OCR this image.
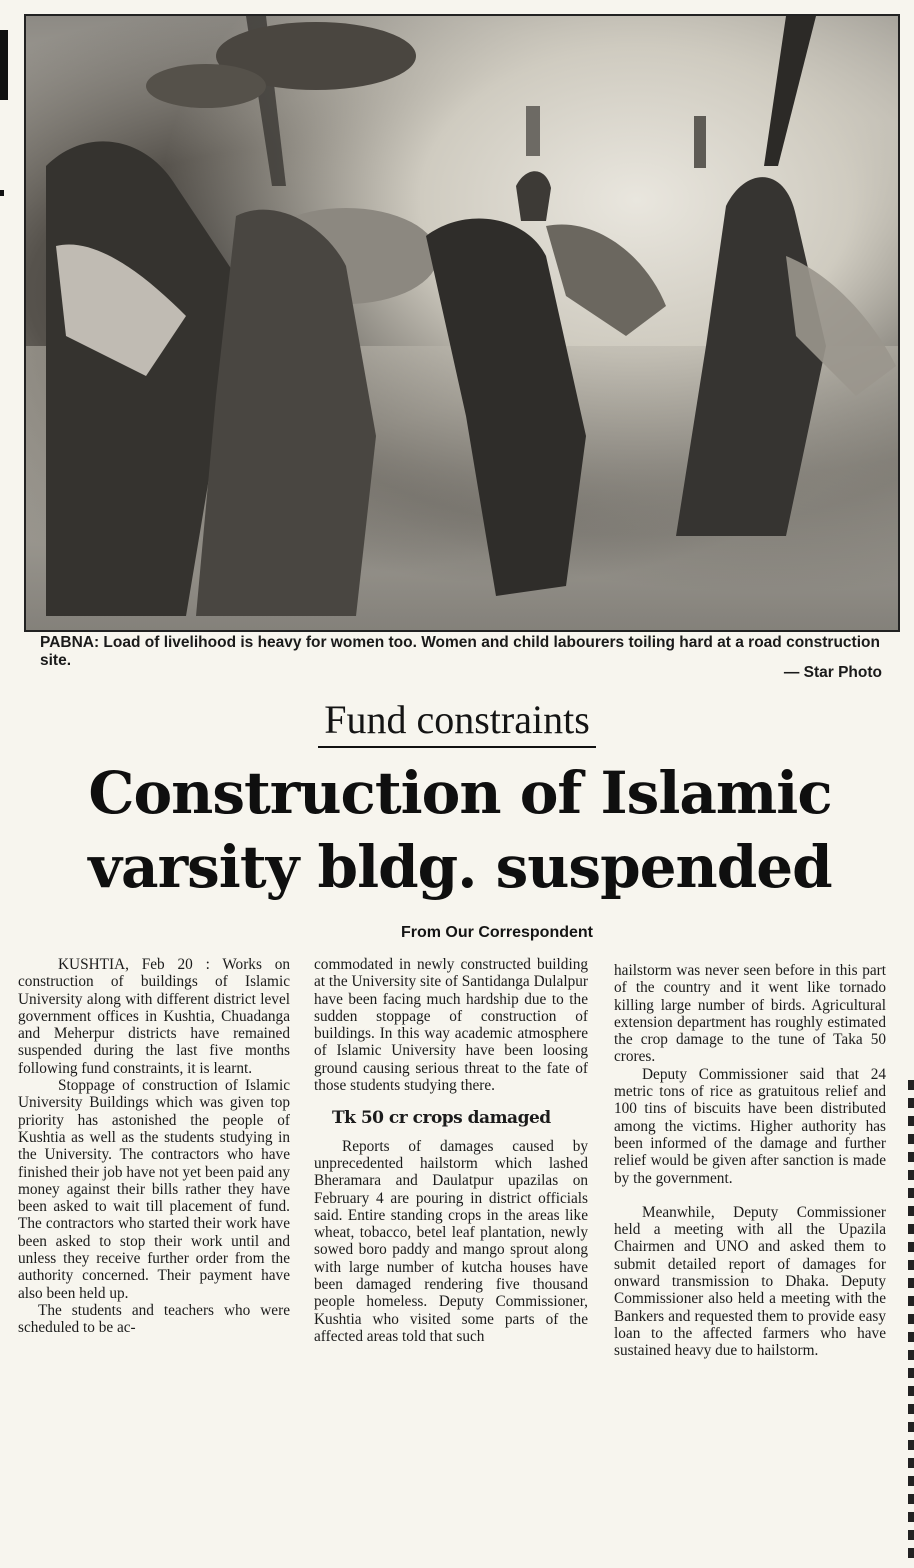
PABNA: Load of livelihood is heavy for women too. Women and child labourers toiling hard at a road construction site.
— Star Photo
Fund constraints
Construction of Islamic
varsity bldg. suspended
From Our Correspondent

KUSHTIA, Feb 20 : Works on construction of buildings of Islamic University along with different district level government offices in Kushtia, Chuadanga and Meherpur districts have remained suspended during the last five months following fund constraints, it is learnt.

Stoppage of construction of Islamic University Buildings which was given top priority has astonished the people of Kushtia as well as the students studying in the University. The contractors who have finished their job have not yet been paid any money against their bills rather they have been asked to wait till placement of fund. The contractors who started their work have been asked to stop their work until and unless they receive further order from the authority concerned. Their payment have also been held up.

The students and teachers who were scheduled to be ac-

commodated in newly constructed building at the University site of Santidanga Dulalpur have been facing much hardship due to the sudden stoppage of construction of buildings. In this way academic atmosphere of Islamic University have been loosing ground causing serious threat to the fate of those students studying there.

Tk 50 cr crops damaged

Reports of damages caused by unprecedented hailstorm which lashed Bheramara and Daulatpur upazilas on February 4 are pouring in district officials said. Entire standing crops in the areas like wheat, tobacco, betel leaf plantation, newly sowed boro paddy and mango sprout along with large number of kutcha houses have been damaged rendering five thousand people homeless. Deputy Commissioner, Kushtia who visited some parts of the affected areas told that such

hailstorm was never seen before in this part of the country and it went like tornado killing large number of birds. Agricultural extension department has roughly estimated the crop damage to the tune of Taka 50 crores.

Deputy Commissioner said that 24 metric tons of rice as gratuitous relief and 100 tins of biscuits have been distributed among the victims. Higher authority has been informed of the damage and further relief would be given after sanction is made by the government.

Meanwhile, Deputy Commissioner held a meeting with all the Upazila Chairmen and UNO and asked them to submit detailed report of damages for onward transmission to Dhaka. Deputy Commissioner also held a meeting with the Bankers and requested them to provide easy loan to the affected farmers who have sustained heavy due to hailstorm.
